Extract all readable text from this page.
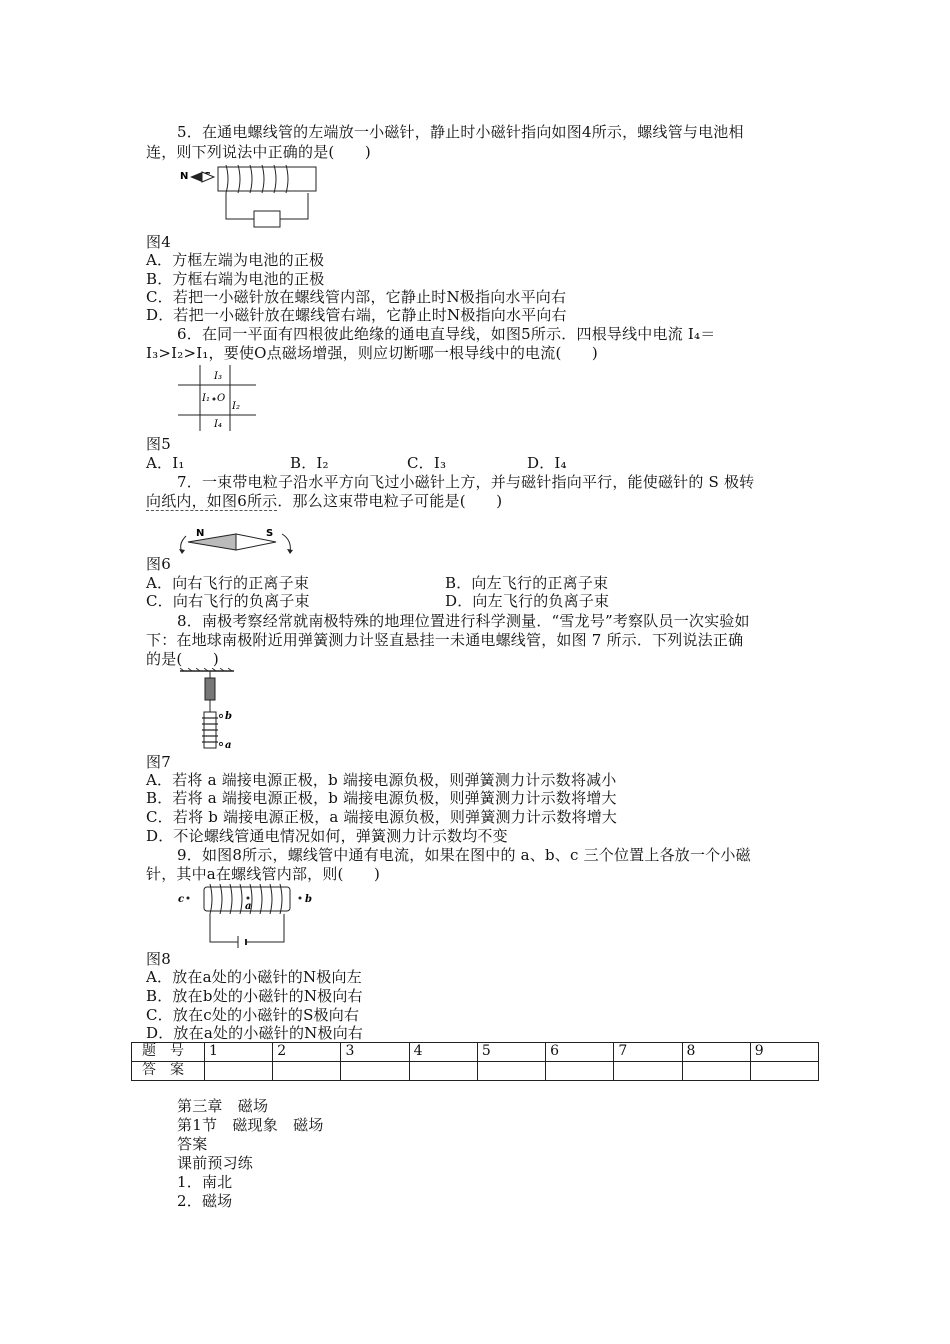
5．在通电螺线管的左端放一小磁针，静止时小磁针指向如图4所示，螺线管与电池相
连，则下列说法中正确的是(　　)
N
图4
A．方框左端为电池的正极
B．方框右端为电池的正极
C．若把一小磁针放在螺线管内部，它静止时N极指向水平向右
D．若把一小磁针放在螺线管右端，它静止时N极指向水平向右
6．在同一平面有四根彼此绝缘的通电直导线，如图5所示．四根导线中电流 I₄＝
I₃>I₂>I₁，要使O点磁场增强，则应切断哪一根导线中的电流(　　)
I₃
I₁
I₂
I₄
O
图5
A．I₁	B．I₂	C．I₃	D．I₄
7．一束带电粒子沿水平方向飞过小磁针上方，并与磁针指向平行，能使磁针的 S 极转
向纸内，如图6所示．那么这束带电粒子可能是(　　)
N	S
图6
A．向右飞行的正离子束	B．向左飞行的正离子束
C．向右飞行的负离子束	D．向左飞行的负离子束
8．南极考察经常就南极特殊的地理位置进行科学测量．“雪龙号”考察队员一次实验如
下：在地球南极附近用弹簧测力计竖直悬挂一未通电螺线管，如图 7 所示．下列说法正确
的是(　　)
b
a
图7
A．若将 a 端接电源正极，b 端接电源负极，则弹簧测力计示数将减小
B．若将 a 端接电源正极，b 端接电源负极，则弹簧测力计示数将增大
C．若将 b 端接电源正极，a 端接电源负极，则弹簧测力计示数将增大
D．不论螺线管通电情况如何，弹簧测力计示数均不变
9．如图8所示，螺线管中通有电流，如果在图中的 a、b、c 三个位置上各放一个小磁
针，其中a在螺线管内部，则(　　)
c
a
b
图8
A．放在a处的小磁针的N极向左
B．放在b处的小磁针的N极向右
C．放在c处的小磁针的S极向右
D．放在a处的小磁针的N极向右
题号	1	2	3	4	5	6	7	8	9
答案									
第三章　磁场
第1节　磁现象　磁场
答案
课前预习练
1．南北
2．磁场
